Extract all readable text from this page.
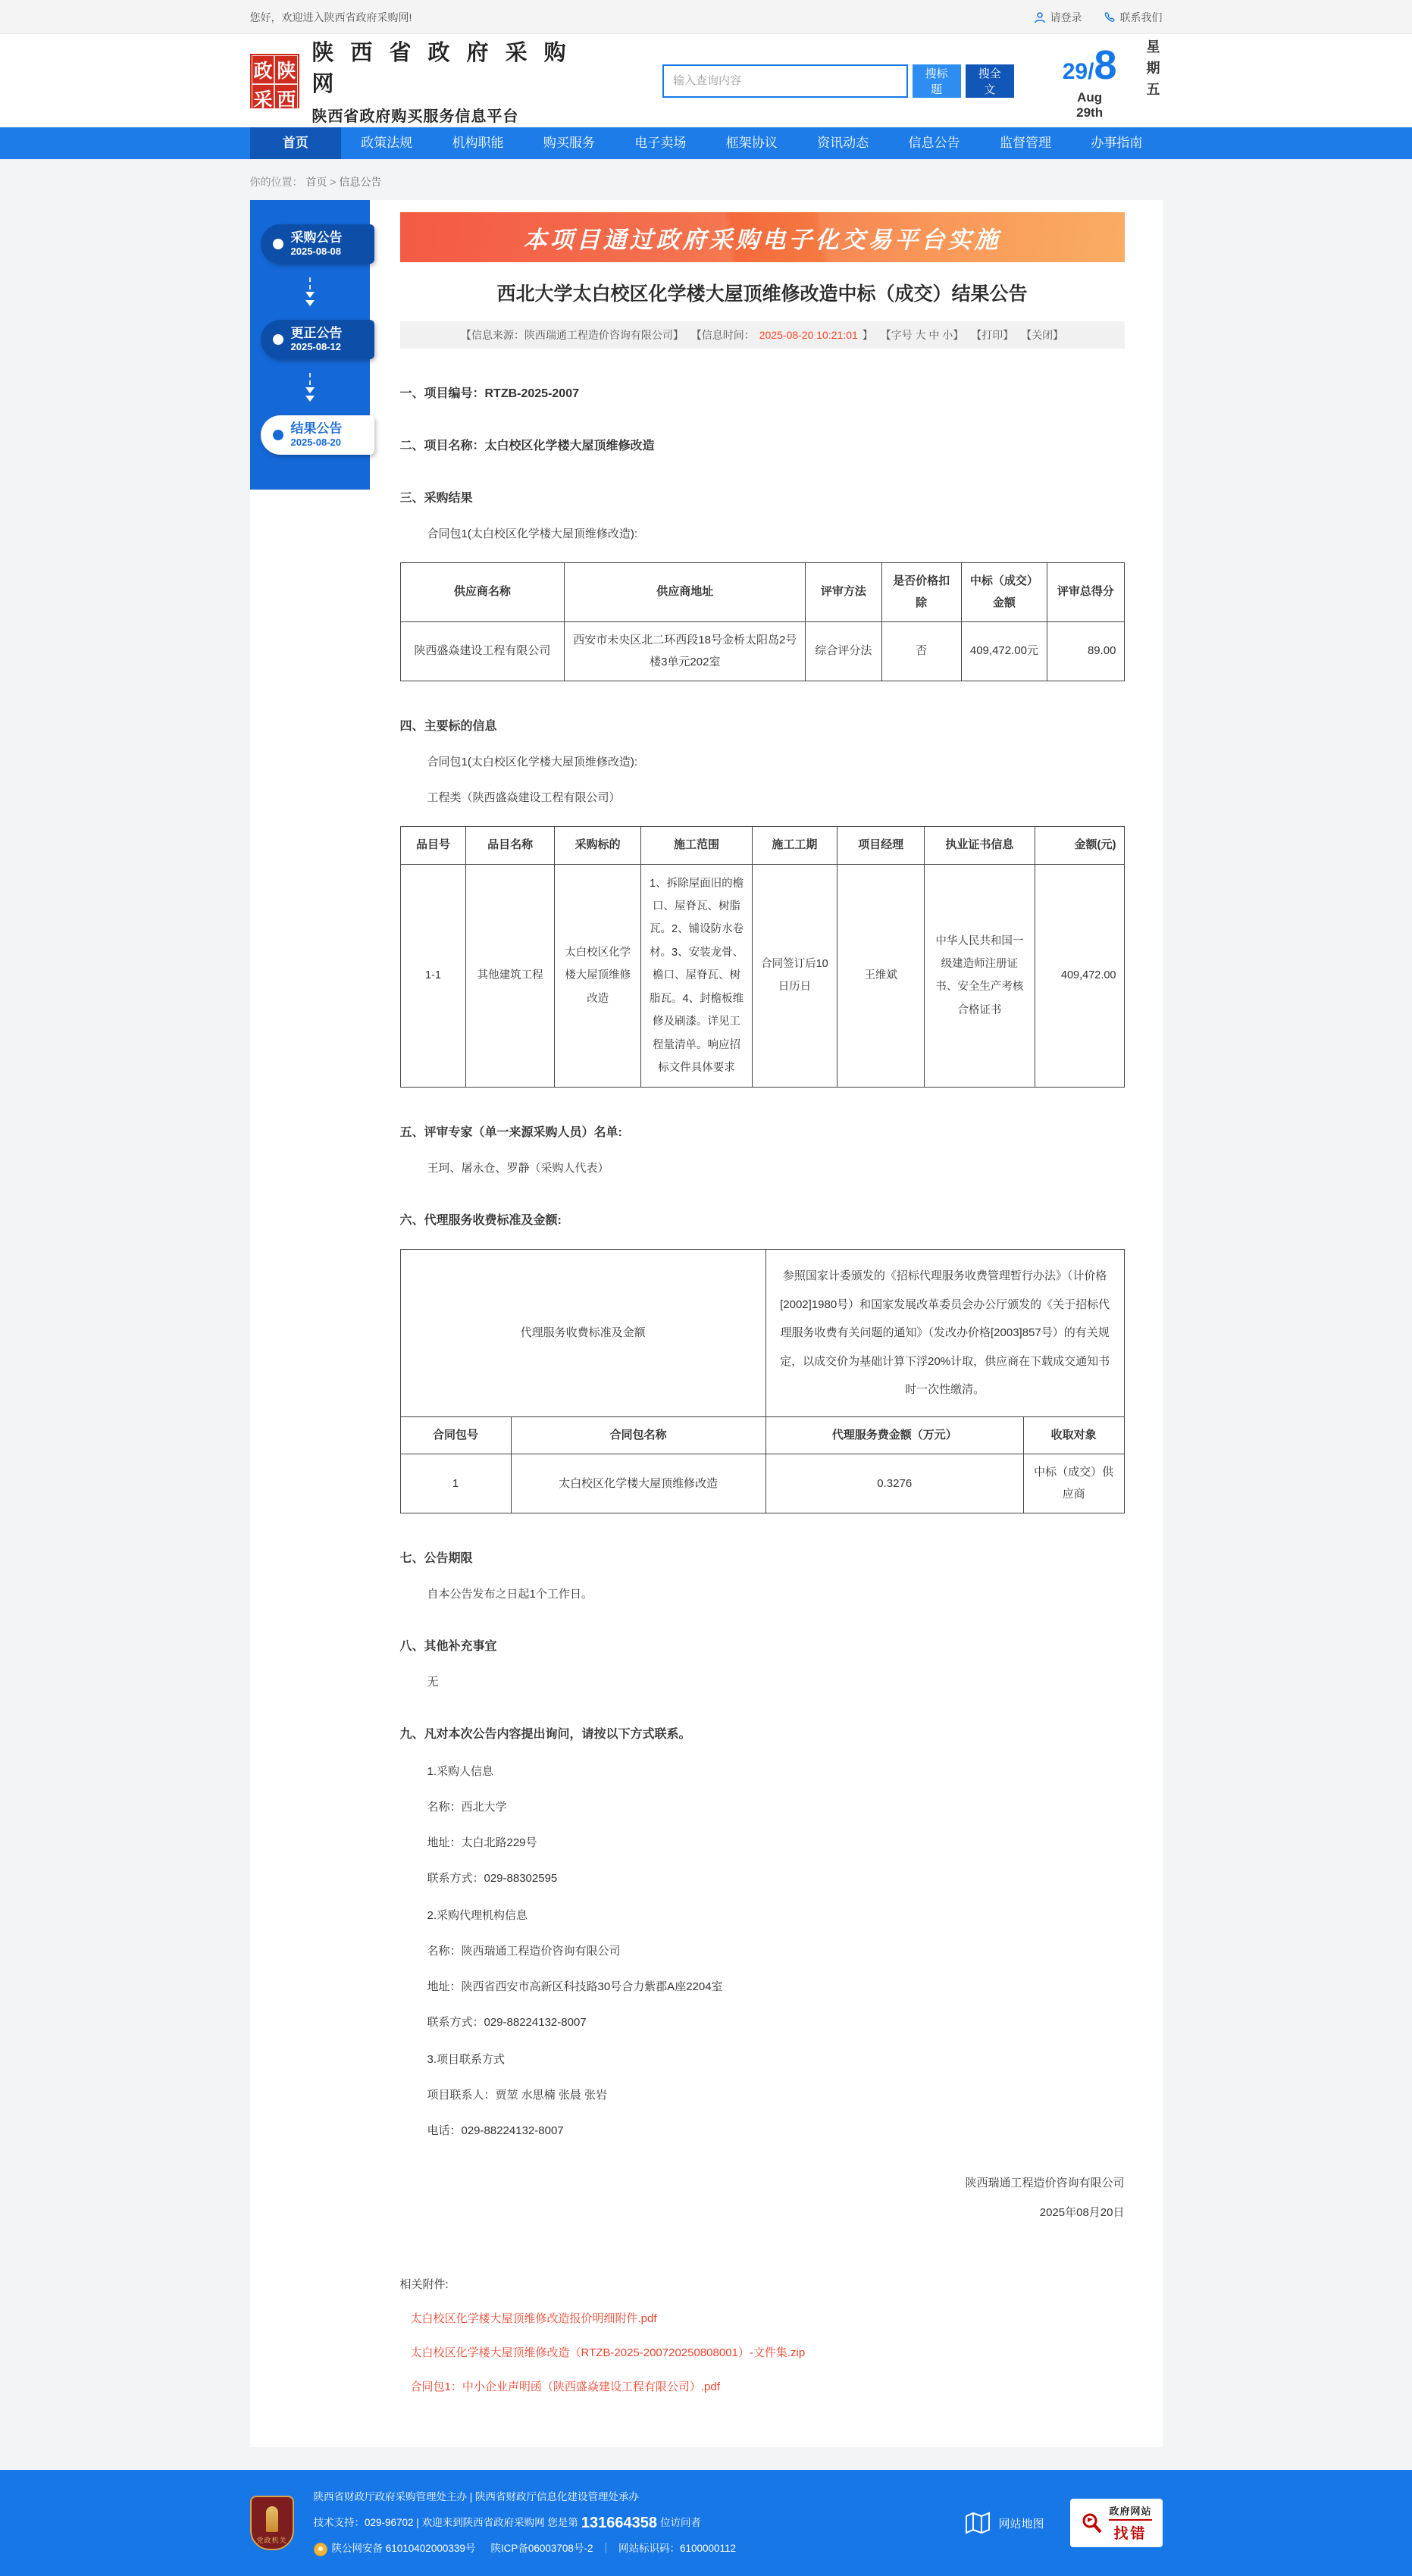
您好，欢迎进入陕西省政府采购网!	请登录	联系我们
政 陕
采 西
陕 西 省 政 府 采 购 网
陕西省政府购买服务信息平台
输入查询内容
搜标题
搜全文
29/8
Aug 29th
星期五
首页	政策法规	机构职能	购买服务	电子卖场	框架协议	资讯动态	信息公告	监督管理	办事指南
你的位置： 首页 > 信息公告
采购公告
2025-08-08
更正公告
2025-08-12
结果公告
2025-08-20
本项目通过政府采购电子化交易平台实施
西北大学太白校区化学楼大屋顶维修改造中标（成交）结果公告
【信息来源：陕西瑞通工程造价咨询有限公司】 【信息时间： 2025-08-20 10:21:01 】 【字号 大 中 小】 【打印】 【关闭】
一、项目编号：RTZB-2025-2007
二、项目名称：太白校区化学楼大屋顶维修改造
三、采购结果
合同包1(太白校区化学楼大屋顶维修改造):
供应商名称	供应商地址	评审方法	是否价格扣除	中标（成交）金额	评审总得分
陕西盛焱建设工程有限公司	西安市未央区北二环西段18号金桥太阳岛2号楼3单元202室	综合评分法	否	409,472.00元	89.00
四、主要标的信息
合同包1(太白校区化学楼大屋顶维修改造):
工程类（陕西盛焱建设工程有限公司）
品目号	品目名称	采购标的	施工范围	施工工期	项目经理	执业证书信息	金额(元)
1-1	其他建筑工程	太白校区化学楼大屋顶维修改造	1、拆除屋面旧的檐口、屋脊瓦、树脂瓦。2、铺设防水卷材。3、安装龙骨、檐口、屋脊瓦、树脂瓦。4、封檐板维修及刷漆。详见工程量清单。响应招标文件具体要求	合同签订后10日历日	王维斌	中华人民共和国一级建造师注册证书、安全生产考核合格证书	409,472.00
五、评审专家（单一来源采购人员）名单:
王珂、屠永仓、罗静（采购人代表）
六、代理服务收费标准及金额:
代理服务收费标准及金额		参照国家计委颁发的《招标代理服务收费管理暂行办法》（计价格[2002]1980号）和国家发展改革委员会办公厅颁发的《关于招标代理服务收费有关问题的通知》（发改办价格[2003]857号）的有关规定，以成交价为基础计算下浮20%计取，供应商在下载成交通知书时一次性缴清。	
合同包号	合同包名称	代理服务费金额（万元）	收取对象
1	太白校区化学楼大屋顶维修改造	0.3276	中标（成交）供应商
七、公告期限
自本公告发布之日起1个工作日。
八、其他补充事宜
无
九、凡对本次公告内容提出询问，请按以下方式联系。
1.采购人信息
名称：西北大学
地址：太白北路229号
联系方式：029-88302595
2.采购代理机构信息
名称：陕西瑞通工程造价咨询有限公司
地址：陕西省西安市高新区科技路30号合力紫郡A座2204室
联系方式：029-88224132-8007
3.项目联系方式
项目联系人：贾堃 水思楠 张晨 张岩
电话：029-88224132-8007
陕西瑞通工程造价咨询有限公司
2025年08月20日
相关附件:
太白校区化学楼大屋顶维修改造报价明细附件.pdf
太白校区化学楼大屋顶维修改造（RTZB-2025-200720250808001）-文件集.zip
合同包1：中小企业声明函（陕西盛焱建设工程有限公司）.pdf
党政机关
陕西省财政厅政府采购管理处主办 | 陕西省财政厅信息化建设管理处承办
技术支持：029-96702 | 欢迎来到陕西省政府采购网 您是第 131664358 位访问者
陕公网安备 61010402000339号 陕ICP备06003708号-2 ｜ 网站标识码：6100000112
网站地图
政府网站
找错
